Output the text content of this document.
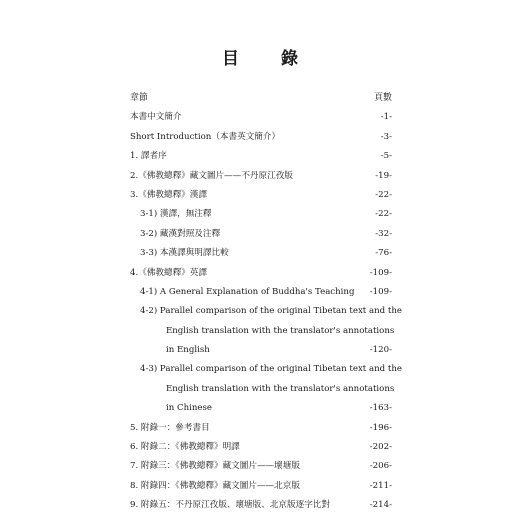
目 錄
章節	頁數
本書中文簡介	-1-
Short Introduction（本書英文簡介）	-3-
1. 譯者序	-5-
2.《佛教總釋》藏文圖片——不丹原江孜版	-19-
3.《佛教總釋》漢譯	-22-
3-1) 漢譯，無注釋	-22-
3-2) 藏漢對照及注釋	-32-
3-3) 本漢譯與明譯比較	-76-
4.《佛教總釋》英譯	-109-
4-1) A General Explanation of Buddha's Teaching -109-
4-2) Parallel comparison of the original Tibetan text and the
English translation with the translator's annotations
in English	-120-
4-3) Parallel comparison of the original Tibetan text and the
English translation with the translator's annotations
in Chinese	-163-
5. 附錄一：參考書目	-196-
6. 附錄二：《佛教總釋》明譯	-202-
7. 附錄三：《佛教總釋》藏文圖片——壞塘版	-206-
8. 附錄四：《佛教總釋》藏文圖片——北京版	-211-
9. 附錄五：不丹原江孜版、壞塘版、北京版逐字比對	-214-
